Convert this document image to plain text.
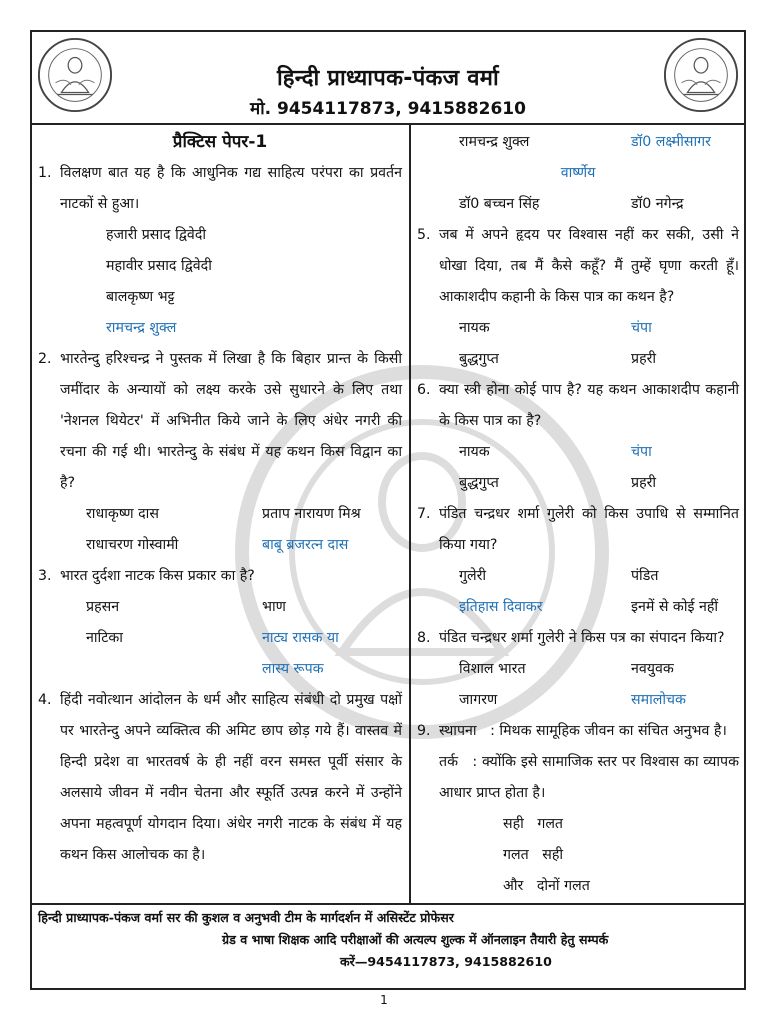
हिन्दी प्राध्यापक-पंकज वर्मा
मो. 9454117873, 9415882610
प्रैक्टिस पेपर-1
1. विलक्षण बात यह है कि आधुनिक गद्य साहित्य परंपरा का प्रवर्तन नाटकों से हुआ।
हजारी प्रसाद द्विवेदी
महावीर प्रसाद द्विवेदी
बालकृष्ण भट्ट
रामचन्द्र शुक्ल
2. भारतेन्दु हरिश्चन्द्र ने पुस्तक में लिखा है कि बिहार प्रान्त के किसी जमींदार के अन्यायों को लक्ष्य करके उसे सुधारने के लिए तथा 'नेशनल थियेटर' में अभिनीत किये जाने के लिए अंधेर नगरी की रचना की गई थी। भारतेन्दु के संबंध में यह कथन किस विद्वान का है?
राधाकृष्ण दास	प्रताप नारायण मिश्र
राधाचरण गोस्वामी	बाबू ब्रजरत्न दास
3. भारत दुर्दशा नाटक किस प्रकार का है?
प्रहसन	भाण
नाटिका	नाट्य रासक या
लास्य रूपक
4. हिंदी नवोत्थान आंदोलन के धर्म और साहित्य संबंधी दो प्रमुख पक्षों पर भारतेन्दु अपने व्यक्तित्व की अमिट छाप छोड़ गये हैं। वास्तव में हिन्दी प्रदेश वा भारतवर्ष के ही नहीं वरन समस्त पूर्वी संसार के अलसाये जीवन में नवीन चेतना और स्फूर्ति उत्पन्न करने में उन्होंने अपना महत्वपूर्ण योगदान दिया। अंधेर नगरी नाटक के संबंध में यह कथन किस आलोचक का है।
रामचन्द्र शुक्ल	डॉ0 लक्ष्मीसागर
वार्ष्णेय
डॉ0 बच्चन सिंह	डॉ0 नगेन्द्र
5. जब में अपने हृदय पर विश्वास नहीं कर सकी, उसी ने धोखा दिया, तब मैं कैसे कहूँ? मैं तुम्हें घृणा करती हूँ। आकाशदीप कहानी के किस पात्र का कथन है?
नायक	चंपा
बुद्धगुप्त	प्रहरी
6. क्या स्त्री होना कोई पाप है? यह कथन आकाशदीप कहानी के किस पात्र का है?
नायक	चंपा
बुद्धगुप्त	प्रहरी
7. पंडित चन्द्रधर शर्मा गुलेरी को किस उपाधि से सम्मानित किया गया?
गुलेरी	पंडित
इतिहास दिवाकर	इनमें से कोई नहीं
8. पंडित चन्द्रधर शर्मा गुलेरी ने किस पत्र का संपादन किया?
विशाल भारत	नवयुवक
जागरण	समालोचक
9. स्थापना   : मिथक सामूहिक जीवन का संचित अनुभव है।
तर्क   : क्योंकि इसे सामाजिक स्तर पर विश्वास का व्यापक आधार प्राप्त होता है।
सही   गलत
गलत   सही
और   दोनों गलत
हिन्दी प्राध्यापक-पंकज वर्मा सर की कुशल व अनुभवी टीम के मार्गदर्शन में असिस्टेंट प्रोफेसर
ग्रेड व भाषा शिक्षक आदि परीक्षाओं की अत्यल्प शुल्क में ऑनलाइन तैयारी हेतु सम्पर्क
करें—9454117873, 9415882610
1
